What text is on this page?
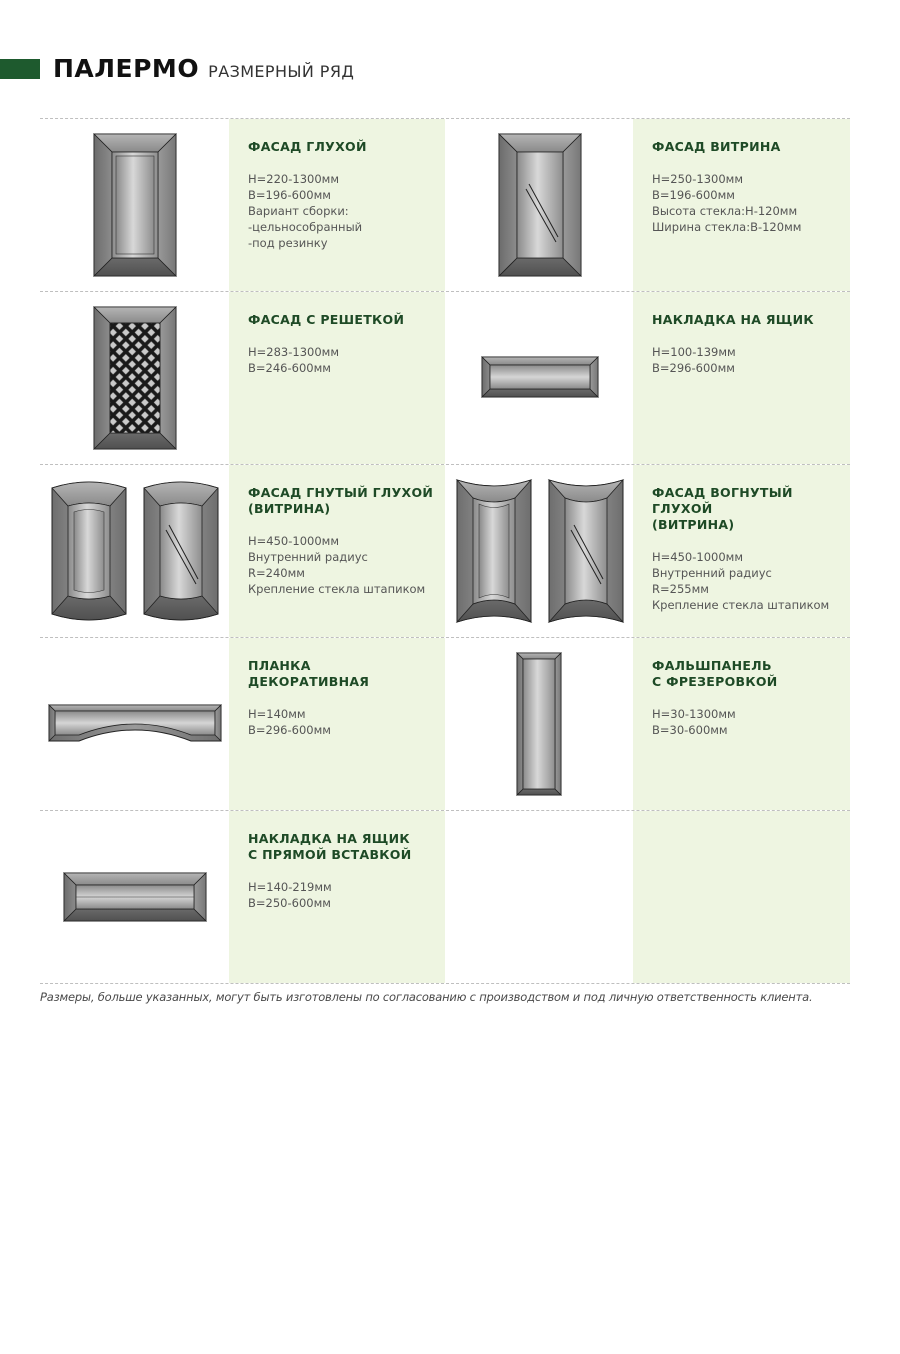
ПАЛЕРМО РАЗМЕРНЫЙ РЯД
ФАСАД ГЛУХОЙ
Н=220-1300мм
В=196-600мм
Вариант сборки:
-цельнособранный
-под резинку
ФАСАД ВИТРИНА
Н=250-1300мм
В=196-600мм
Высота стекла:Н-120мм
Ширина стекла:В-120мм
ФАСАД С РЕШЕТКОЙ
Н=283-1300мм
В=246-600мм
НАКЛАДКА НА ЯЩИК
Н=100-139мм
В=296-600мм
ФАСАД ГНУТЫЙ ГЛУХОЙ
(ВИТРИНА)
Н=450-1000мм
Внутренний радиус
R=240мм
Крепление стекла штапиком
ФАСАД ВОГНУТЫЙ ГЛУХОЙ
(ВИТРИНА)
Н=450-1000мм
Внутренний радиус
R=255мм
Крепление стекла штапиком
ПЛАНКА ДЕКОРАТИВНАЯ
Н=140мм
В=296-600мм
ФАЛЬШПАНЕЛЬ
С ФРЕЗЕРОВКОЙ
Н=30-1300мм
В=30-600мм
НАКЛАДКА НА ЯЩИК
С ПРЯМОЙ ВСТАВКОЙ
Н=140-219мм
В=250-600мм
Размеры, больше указанных, могут быть изготовлены по согласованию с производством и под личную ответственность клиента.
